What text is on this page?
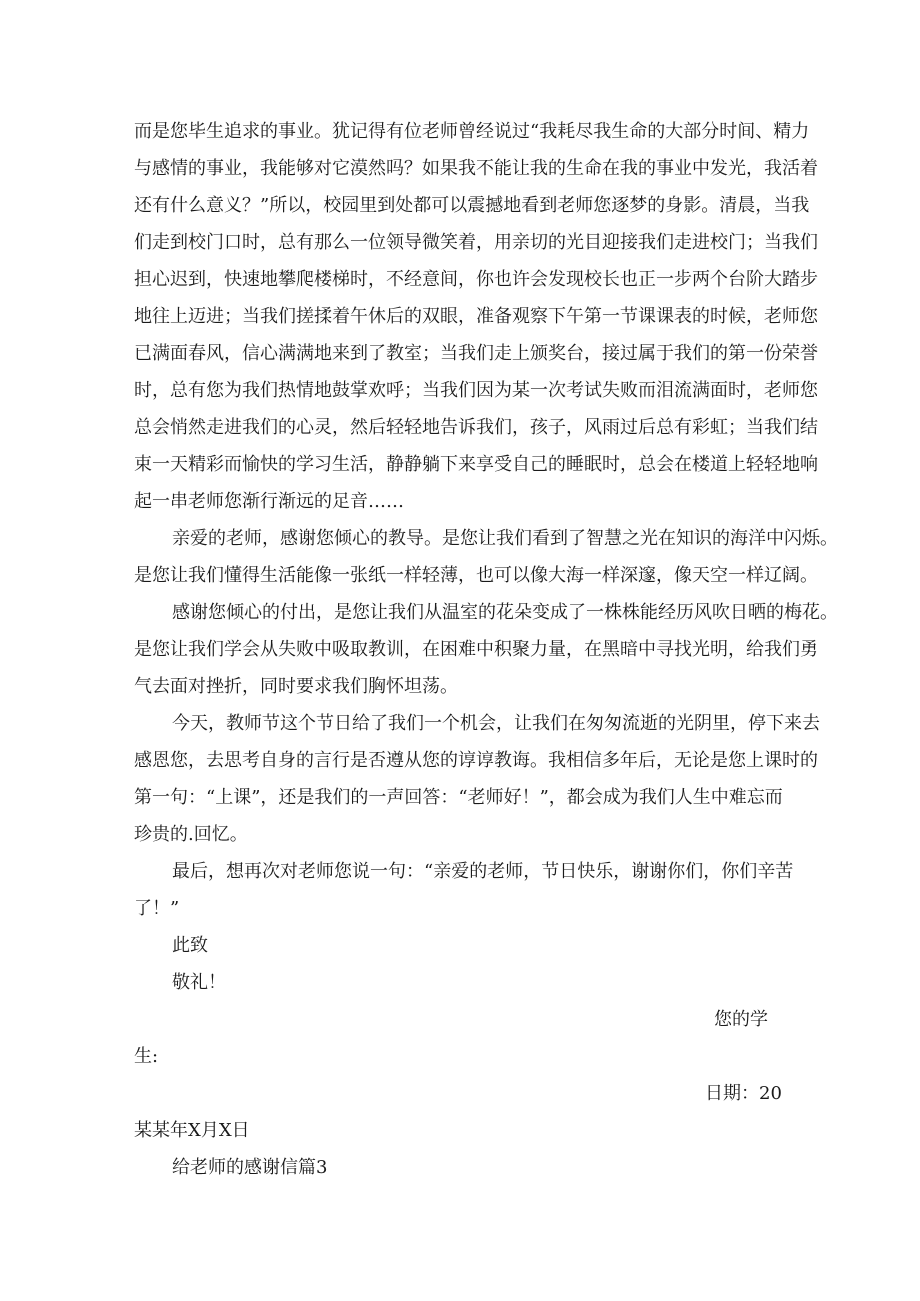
而是您毕生追求的事业。犹记得有位老师曾经说过“我耗尽我生命的大部分时间、精力
与感情的事业，我能够对它漠然吗？如果我不能让我的生命在我的事业中发光，我活着
还有什么意义？”所以，校园里到处都可以震撼地看到老师您逐梦的身影。清晨，当我
们走到校门口时，总有那么一位领导微笑着，用亲切的光目迎接我们走进校门；当我们
担心迟到，快速地攀爬楼梯时，不经意间，你也许会发现校长也正一步两个台阶大踏步
地往上迈进；当我们搓揉着午休后的双眼，准备观察下午第一节课课表的时候，老师您
已满面春风，信心满满地来到了教室；当我们走上颁奖台，接过属于我们的第一份荣誉
时，总有您为我们热情地鼓掌欢呼；当我们因为某一次考试失败而泪流满面时，老师您
总会悄然走进我们的心灵，然后轻轻地告诉我们，孩子，风雨过后总有彩虹；当我们结
束一天精彩而愉快的学习生活，静静躺下来享受自己的睡眠时，总会在楼道上轻轻地响
起一串老师您渐行渐远的足音……
亲爱的老师，感谢您倾心的教导。是您让我们看到了智慧之光在知识的海洋中闪烁。
是您让我们懂得生活能像一张纸一样轻薄，也可以像大海一样深邃，像天空一样辽阔。
感谢您倾心的付出，是您让我们从温室的花朵变成了一株株能经历风吹日晒的梅花。
是您让我们学会从失败中吸取教训，在困难中积聚力量，在黑暗中寻找光明，给我们勇
气去面对挫折，同时要求我们胸怀坦荡。
今天，教师节这个节日给了我们一个机会，让我们在匆匆流逝的光阴里，停下来去
感恩您，去思考自身的言行是否遵从您的谆谆教诲。我相信多年后，无论是您上课时的
第一句：“上课”，还是我们的一声回答：“老师好！”，都会成为我们人生中难忘而
珍贵的.回忆。
最后，想再次对老师您说一句：“亲爱的老师，节日快乐，谢谢你们，你们辛苦
了！”
此致
敬礼！
您的学
生:
日期：20
某某年X月X日
给老师的感谢信篇3
